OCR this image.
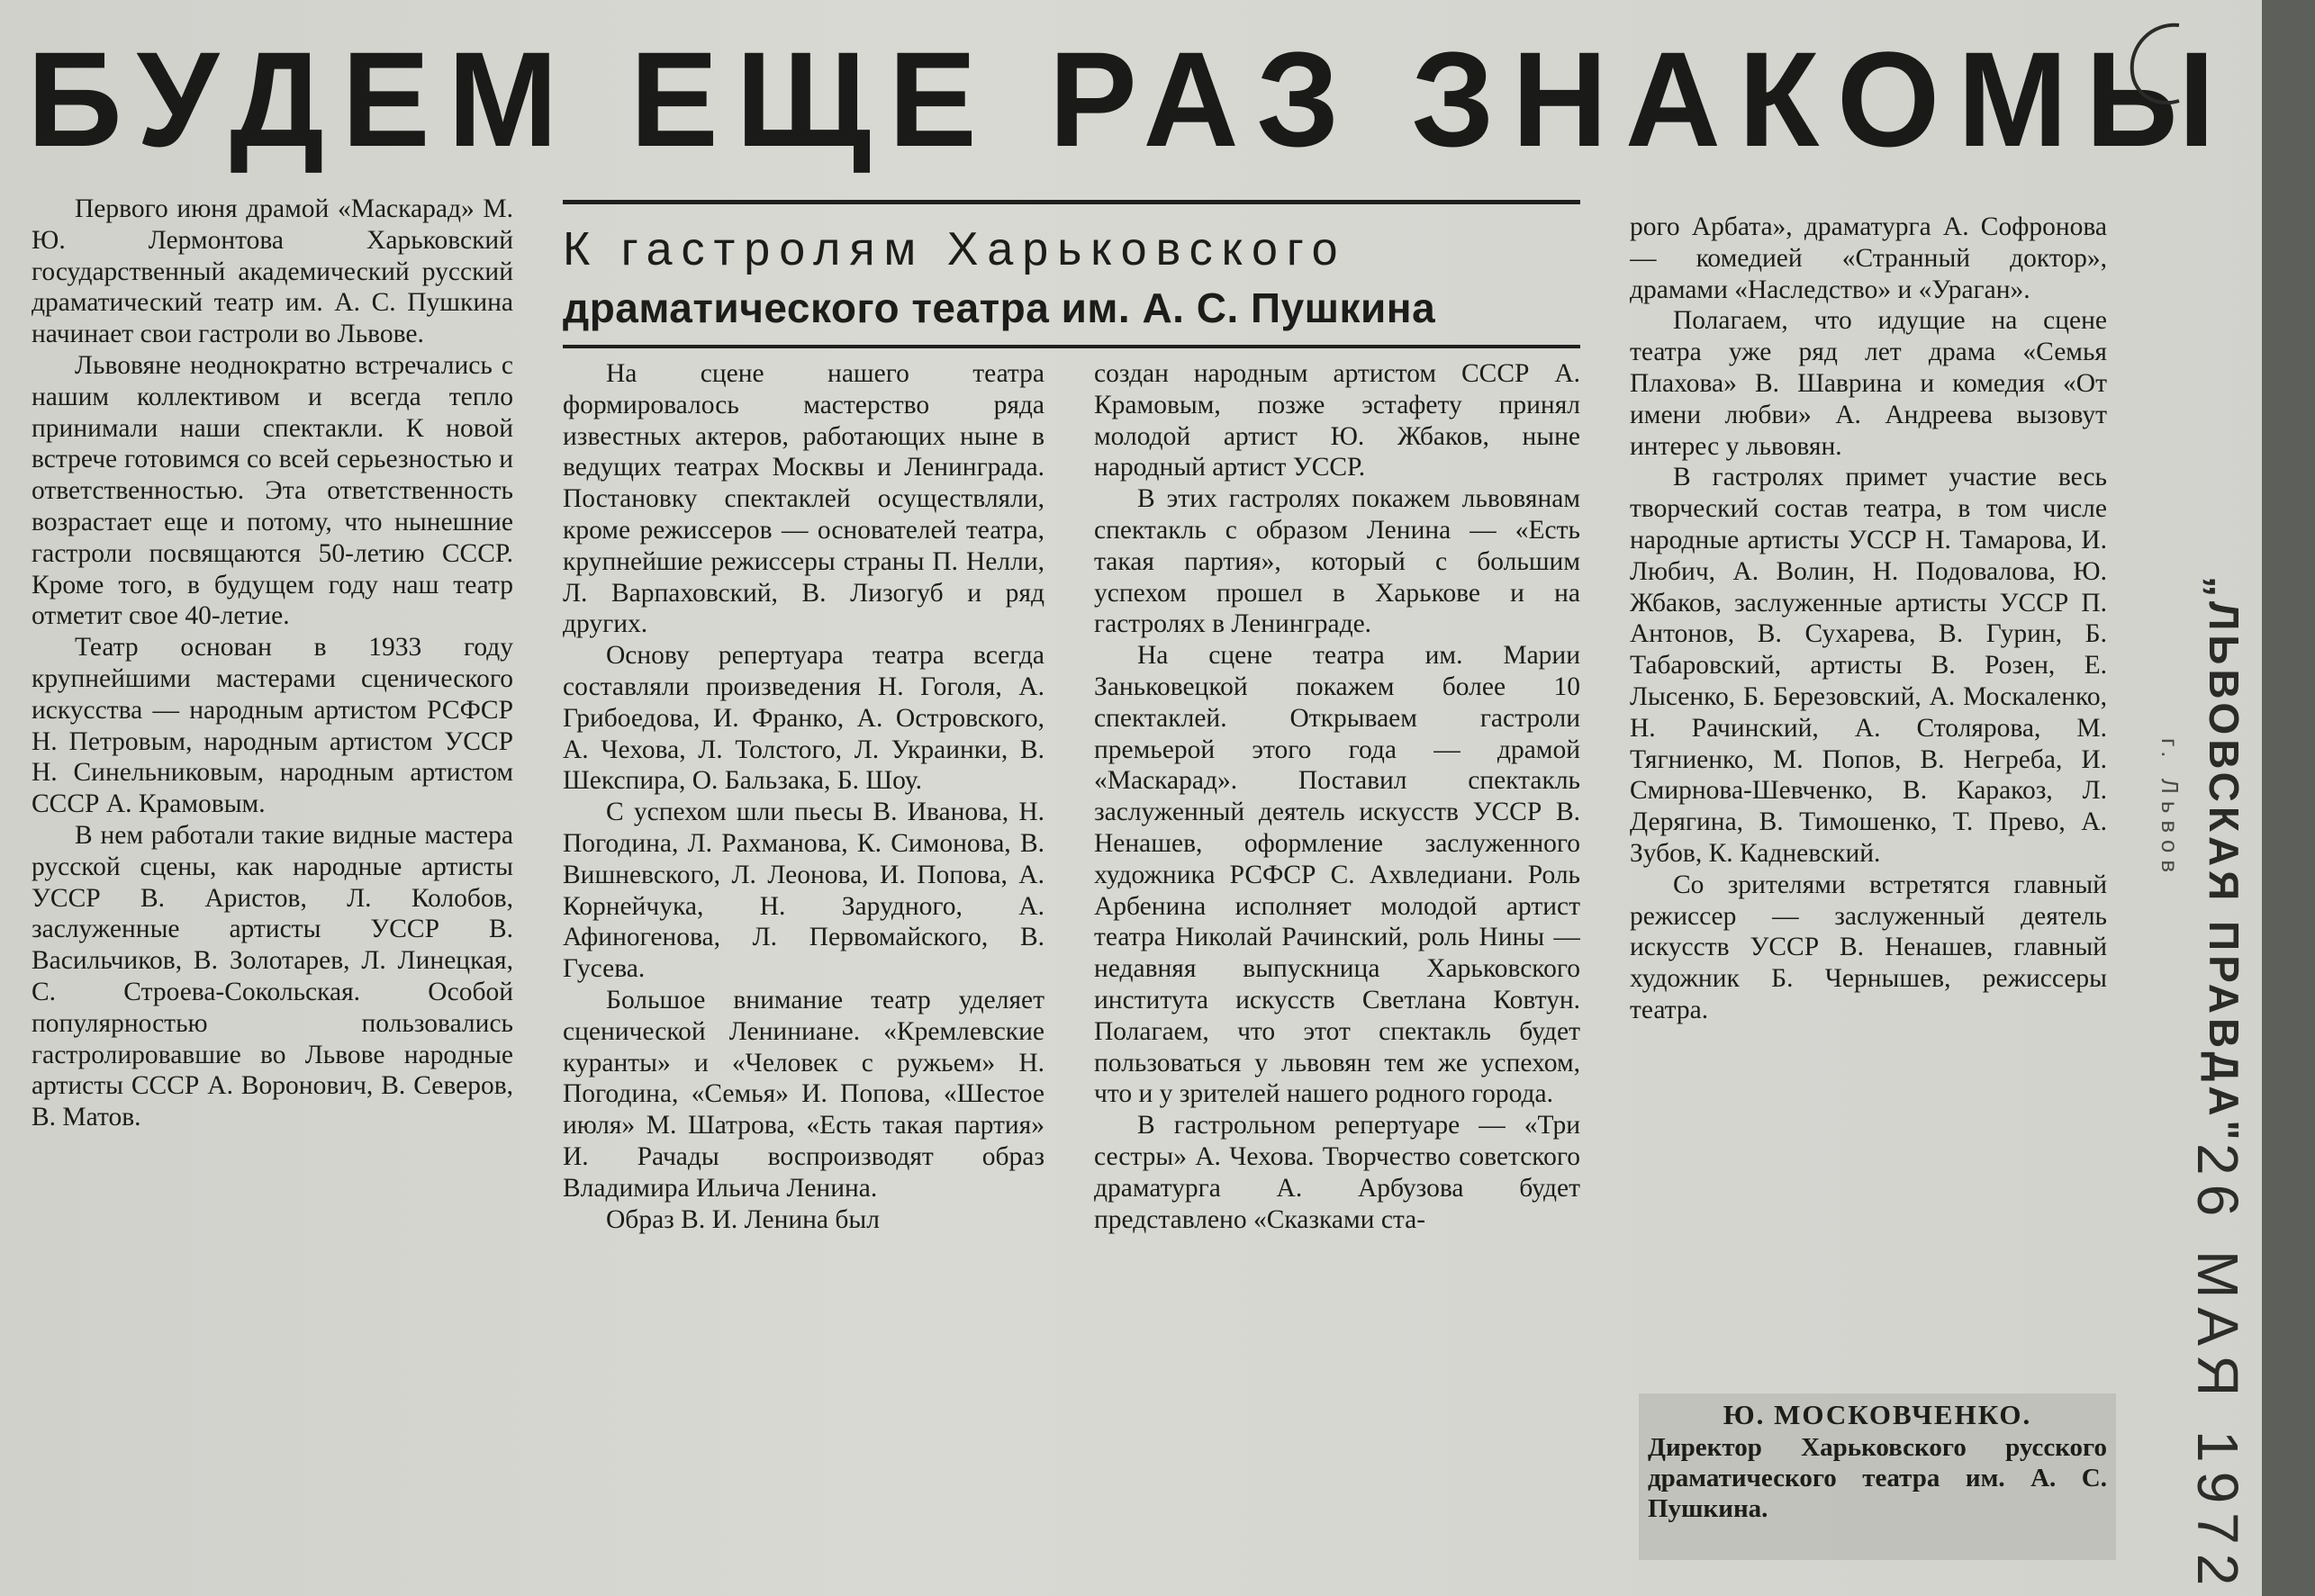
БУДЕМ ЕЩЕ РАЗ ЗНАКОМЫ
К гастролям Харьковского
драматического театра им. А. С. Пушкина

Первого июня драмой «Маскарад» М. Ю. Лермонтова Харьковский государственный академический русский драматический театр им. А. С. Пушкина начинает свои гастроли во Львове.

Львовяне неоднократно встречались с нашим коллективом и всегда тепло принимали наши спектакли. К новой встрече готовимся со всей серьезностью и ответственностью. Эта ответственность возрастает еще и потому, что нынешние гастроли посвящаются 50-летию СССР. Кроме того, в будущем году наш театр отметит свое 40-летие.

Театр основан в 1933 году крупнейшими мастерами сценического искусства — народным артистом РСФСР Н. Петровым, народным артистом УССР Н. Синельниковым, народным артистом СССР А. Крамовым.

В нем работали такие видные мастера русской сцены, как народные артисты УССР В. Аристов, Л. Колобов, заслуженные артисты УССР В. Васильчиков, В. Золотарев, Л. Линецкая, С. Строева-Сокольская. Особой популярностью пользовались гастролировавшие во Львове народные артисты СССР А. Воронович, В. Северов, В. Матов.

На сцене нашего театра формировалось мастерство ряда известных актеров, работающих ныне в ведущих театрах Москвы и Ленинграда. Постановку спектаклей осуществляли, кроме режиссеров — основателей театра, крупнейшие режиссеры страны П. Нелли, Л. Варпаховский, В. Лизогуб и ряд других.

Основу репертуара театра всегда составляли произведения Н. Гоголя, А. Грибоедова, И. Франко, А. Островского, А. Чехова, Л. Толстого, Л. Украинки, В. Шекспира, О. Бальзака, Б. Шоу.

С успехом шли пьесы В. Иванова, Н. Погодина, Л. Рахманова, К. Симонова, В. Вишневского, Л. Леонова, И. Попова, А. Корнейчука, Н. Зарудного, А. Афиногенова, Л. Первомайского, В. Гусева.

Большое внимание театр уделяет сценической Лениниане. «Кремлевские куранты» и «Человек с ружьем» Н. Погодина, «Семья» И. Попова, «Шестое июля» М. Шатрова, «Есть такая партия» И. Рачады воспроизводят образ Владимира Ильича Ленина.

Образ В. И. Ленина был

создан народным артистом СССР А. Крамовым, позже эстафету принял молодой артист Ю. Жбаков, ныне народный артист УССР.

В этих гастролях покажем львовянам спектакль с образом Ленина — «Есть такая партия», который с большим успехом прошел в Харькове и на гастролях в Ленинграде.

На сцене театра им. Марии Заньковецкой покажем более 10 спектаклей. Открываем гастроли премьерой этого года — драмой «Маскарад». Поставил спектакль заслуженный деятель искусств УССР В. Ненашев, оформление заслуженного художника РСФСР С. Ахвледиани. Роль Арбенина исполняет молодой артист театра Николай Рачинский, роль Нины — недавняя выпускница Харьковского института искусств Светлана Ковтун. Полагаем, что этот спектакль будет пользоваться у львовян тем же успехом, что и у зрителей нашего родного города.

В гастрольном репертуаре — «Три сестры» А. Чехова. Творчество советского драматурга А. Арбузова будет представлено «Сказками ста-

рого Арбата», драматурга А. Софронова — комедией «Странный доктор», драмами «Наследство» и «Ураган».

Полагаем, что идущие на сцене театра уже ряд лет драма «Семья Плахова» В. Шаврина и комедия «От имени любви» А. Андреева вызовут интерес у львовян.

В гастролях примет участие весь творческий состав театра, в том числе народные артисты УССР Н. Тамарова, И. Любич, А. Волин, Н. Подовалова, Ю. Жбаков, заслуженные артисты УССР П. Антонов, В. Сухарева, В. Гурин, Б. Табаровский, артисты В. Розен, Е. Лысенко, Б. Березовский, А. Москаленко, Н. Рачинский, А. Столярова, М. Тягниенко, М. Попов, В. Негреба, И. Смирнова-Шевченко, В. Каракоз, Л. Дерягина, В. Тимошенко, Т. Прево, А. Зубов, К. Кадневский.

Со зрителями встретятся главный режиссер — заслуженный деятель искусств УССР В. Ненашев, главный художник Б. Чернышев, режиссеры театра.

Ю. МОСКОВЧЕНКО.
Директор Харьковского русского драматического театра им. А. С. Пушкина.
г. Львов „ЛЬВОВСКАЯ ПРАВДА"
26 МАЯ 1972
